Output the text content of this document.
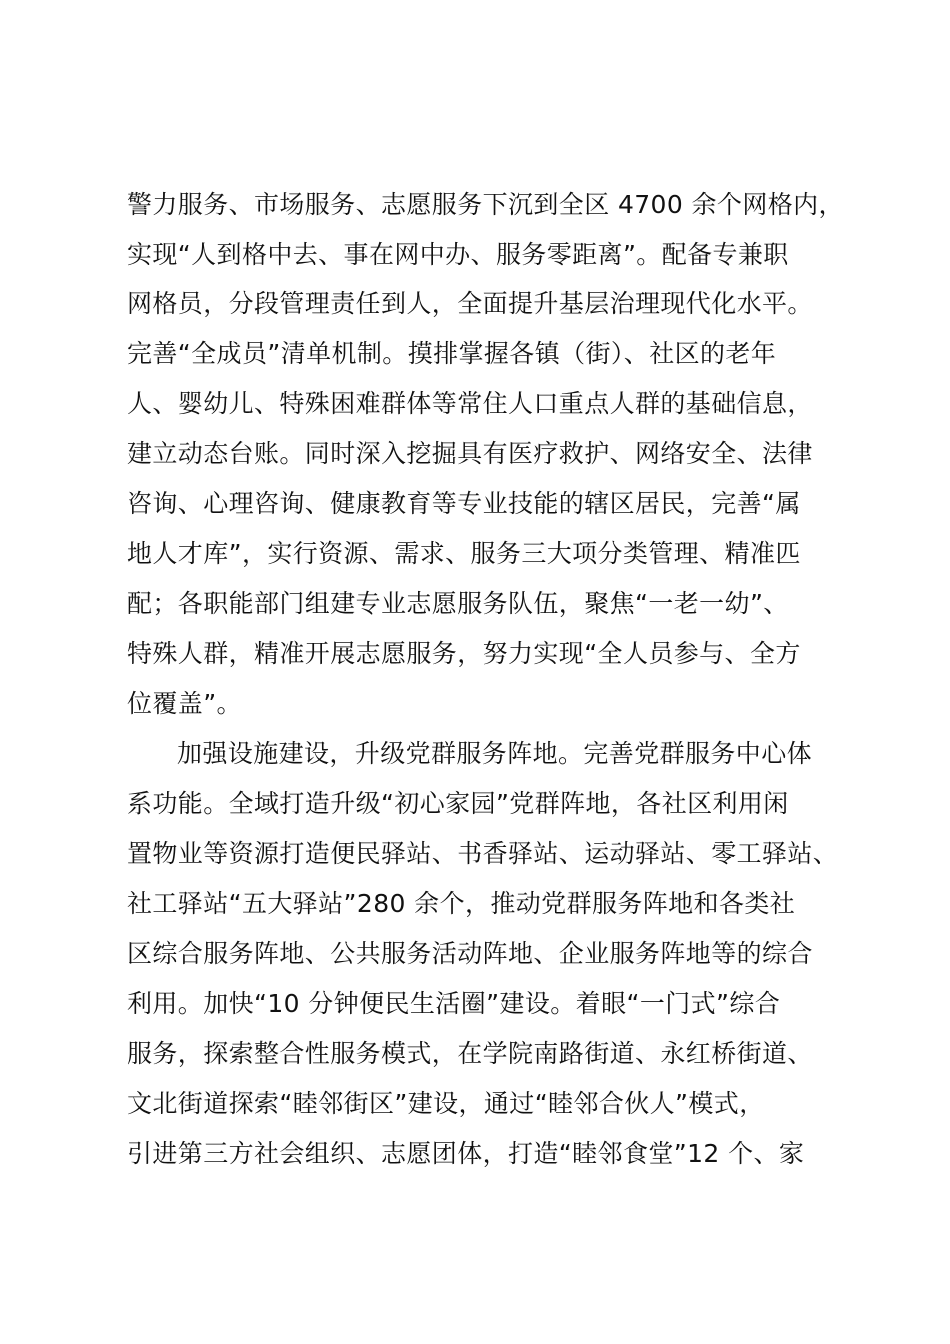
警力服务、市场服务、志愿服务下沉到全区 4700 余个网格内，
实现“人到格中去、事在网中办、服务零距离”。配备专兼职
网格员，分段管理责任到人，全面提升基层治理现代化水平。
完善“全成员”清单机制。摸排掌握各镇（街）、社区的老年
人、婴幼儿、特殊困难群体等常住人口重点人群的基础信息，
建立动态台账。同时深入挖掘具有医疗救护、网络安全、法律
咨询、心理咨询、健康教育等专业技能的辖区居民，完善“属
地人才库”，实行资源、需求、服务三大项分类管理、精准匹
配；各职能部门组建专业志愿服务队伍，聚焦“一老一幼”、
特殊人群，精准开展志愿服务，努力实现“全人员参与、全方
位覆盖”。
加强设施建设，升级党群服务阵地。完善党群服务中心体
系功能。全域打造升级“初心家园”党群阵地，各社区利用闲
置物业等资源打造便民驿站、书香驿站、运动驿站、零工驿站、
社工驿站“五大驿站”280 余个，推动党群服务阵地和各类社
区综合服务阵地、公共服务活动阵地、企业服务阵地等的综合
利用。加快“10 分钟便民生活圈”建设。着眼“一门式”综合
服务，探索整合性服务模式，在学院南路街道、永红桥街道、
文北街道探索“睦邻街区”建设，通过“睦邻合伙人”模式，
引进第三方社会组织、志愿团体，打造“睦邻食堂”12 个、家
